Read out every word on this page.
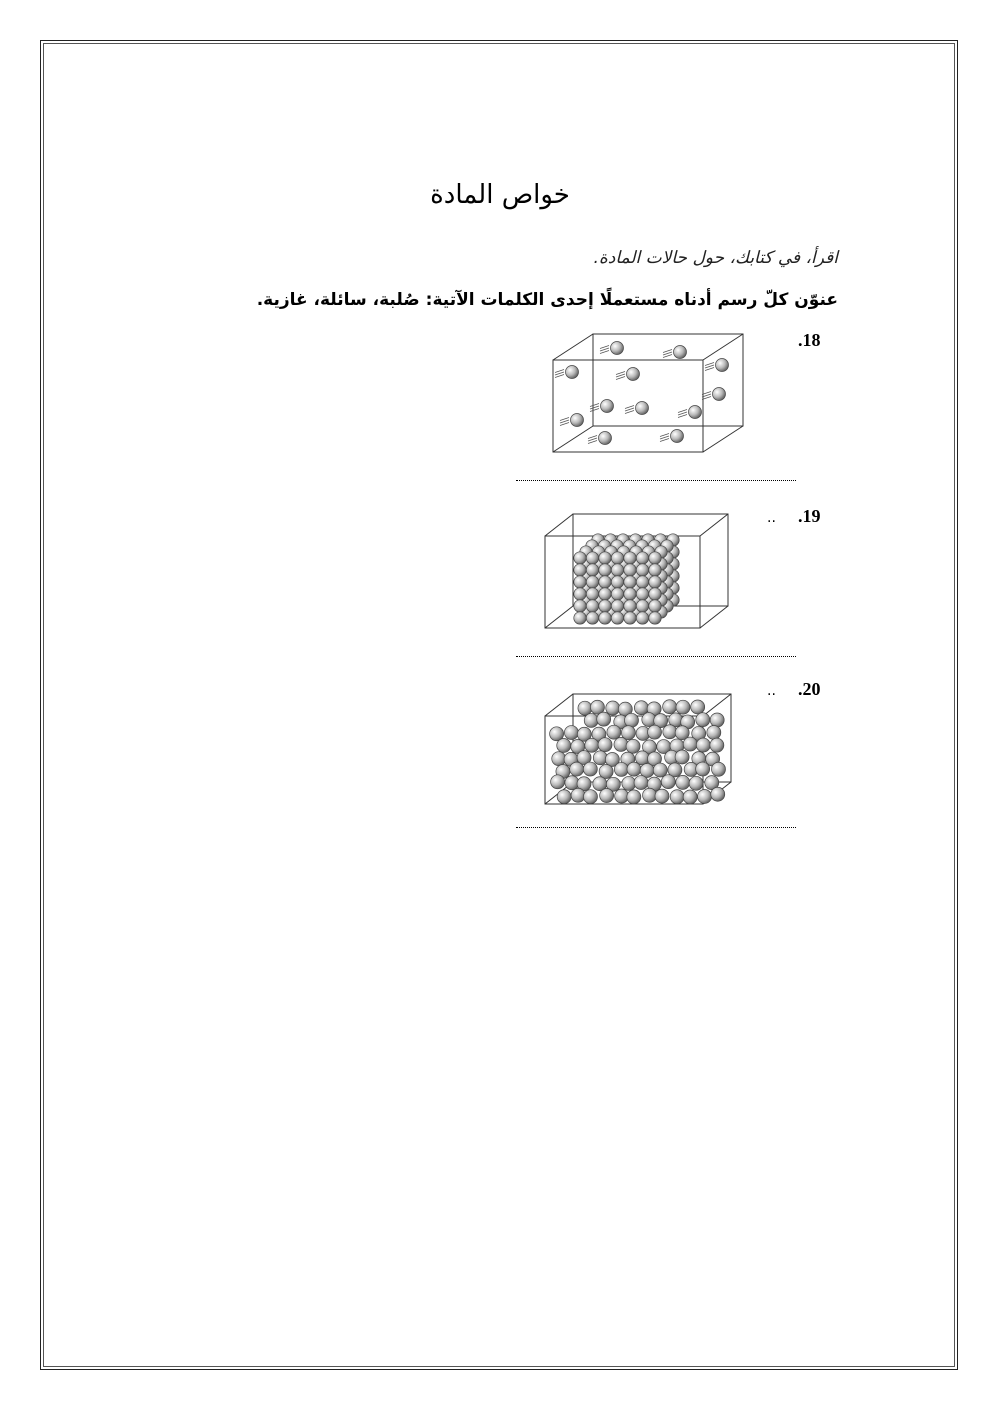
خواص المادة
اقرأ، في كتابك، حول حالات المادة.
عنوّن كلّ رسم أدناه مستعملًا إحدى الكلمات الآتية: صُلبة، سائلة، غازية.
.18
.19
..
.20
..
